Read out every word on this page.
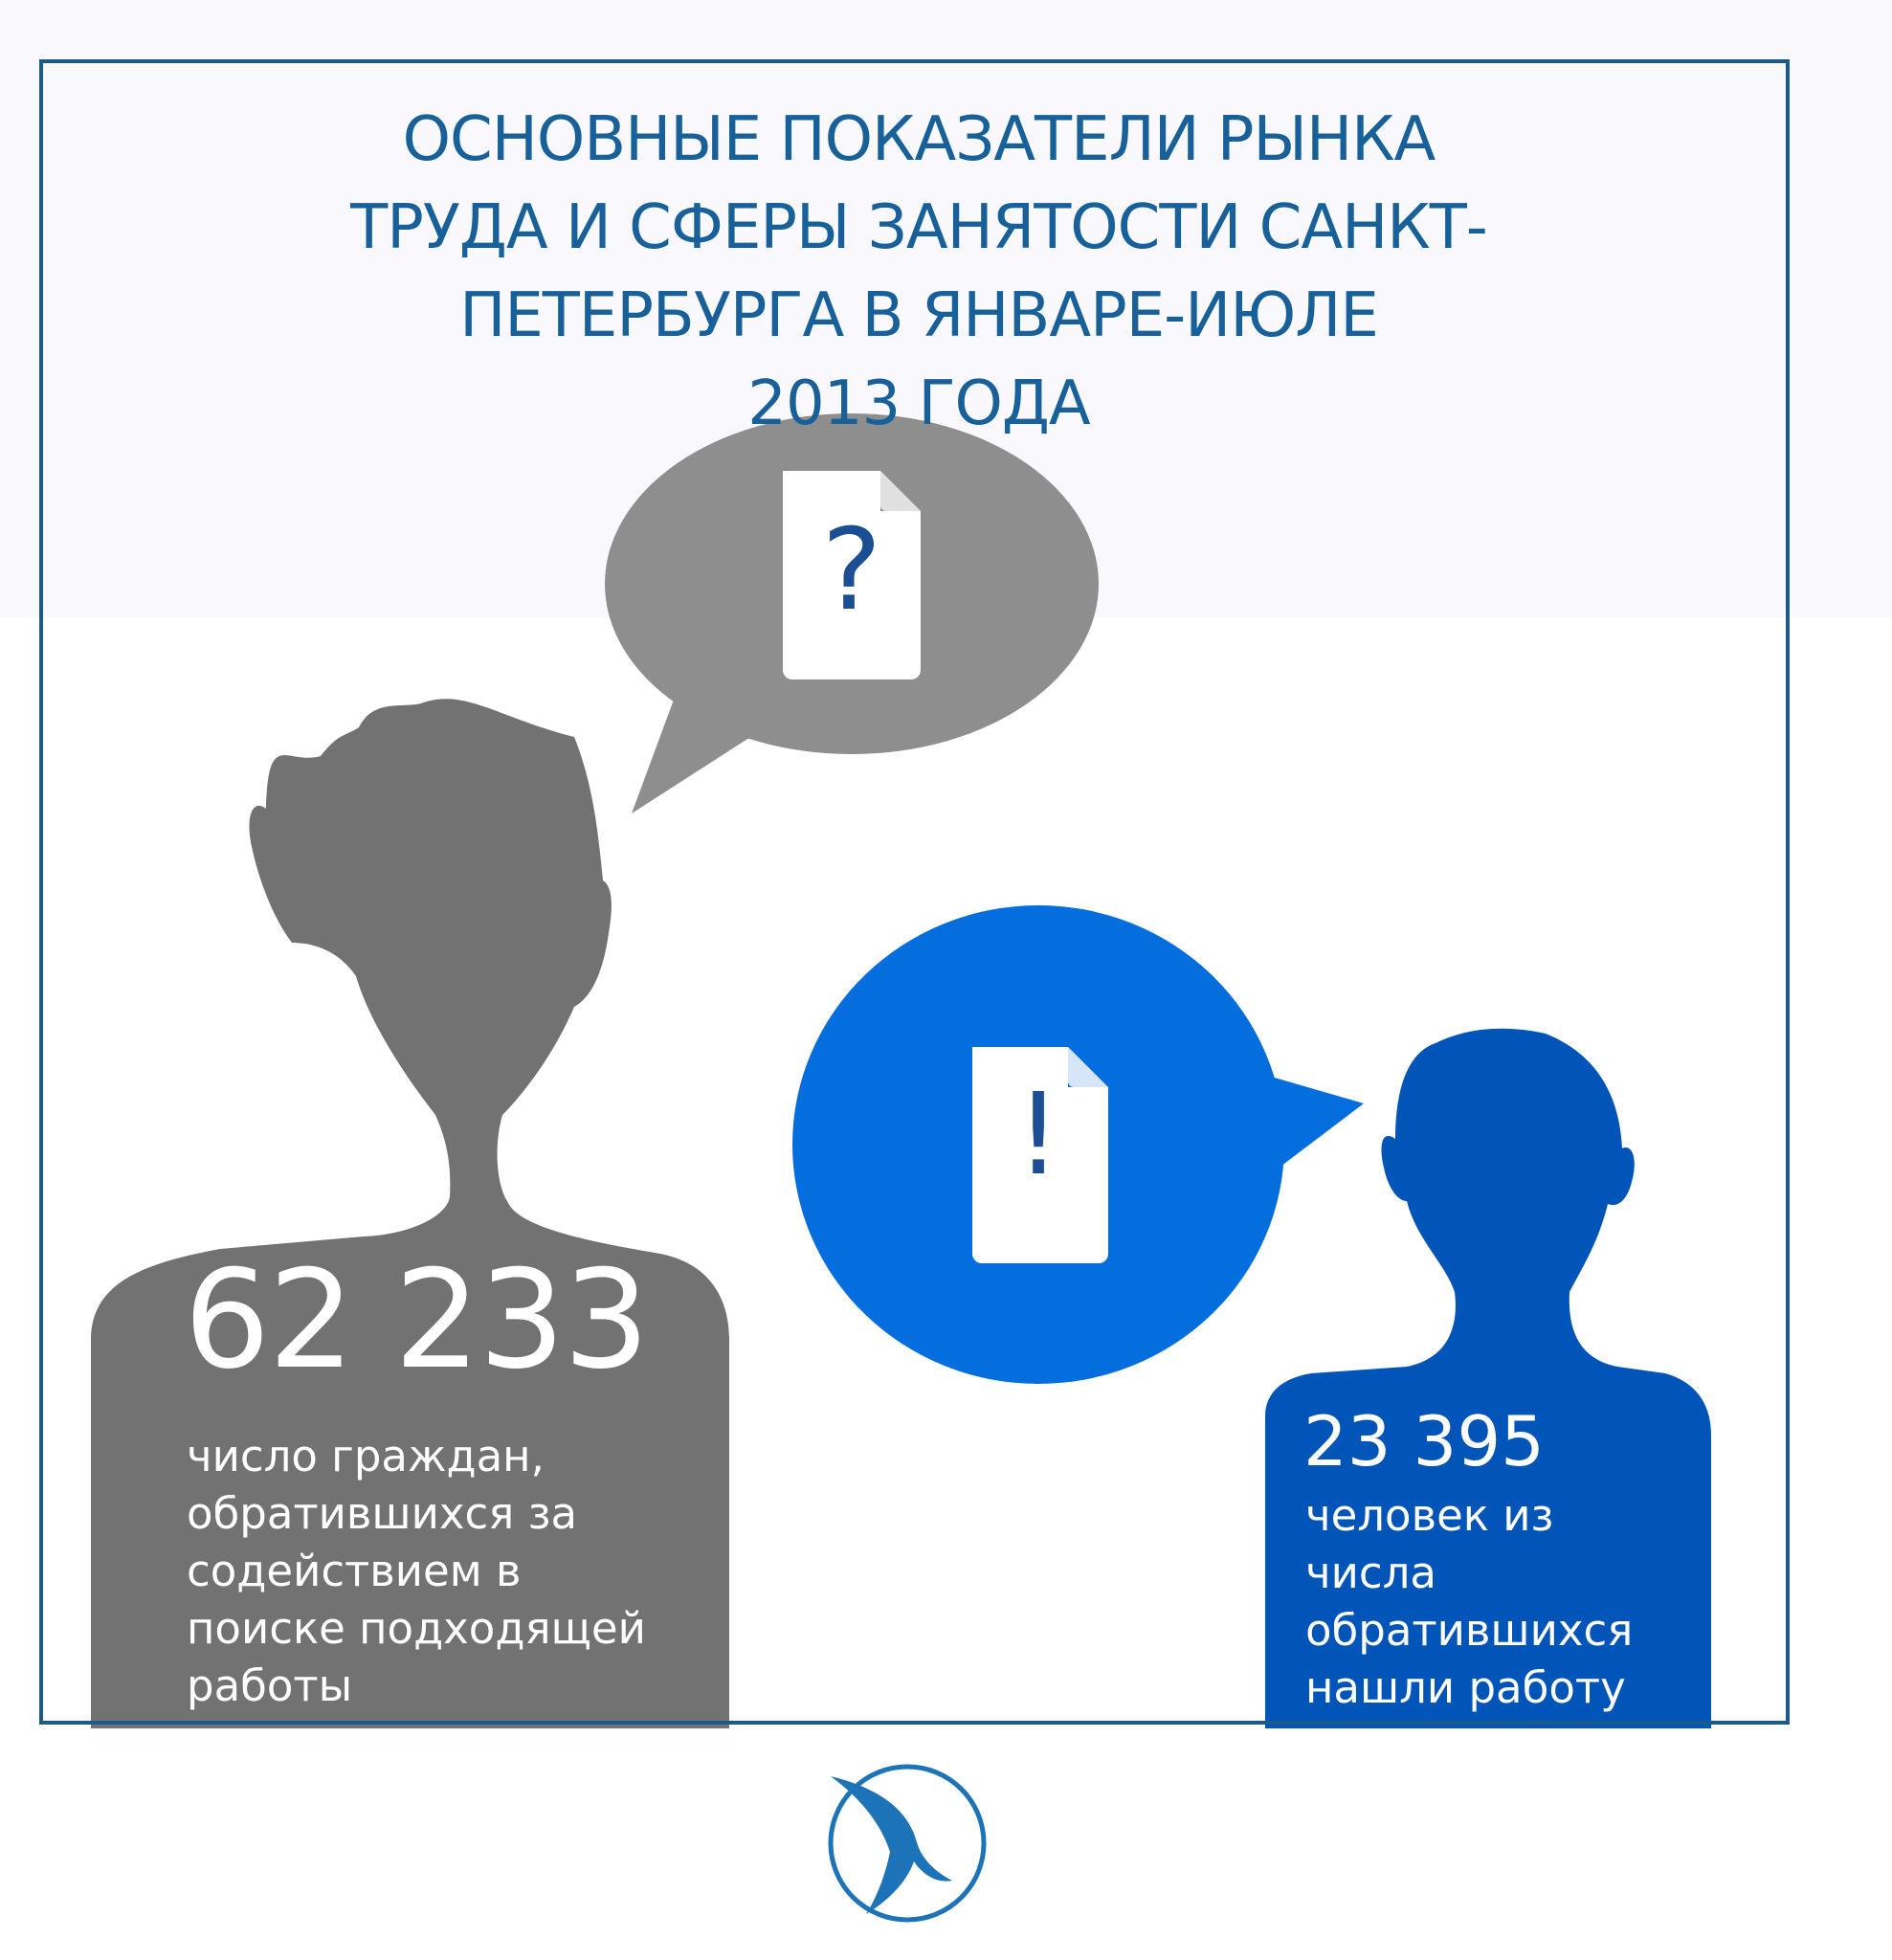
ОСНОВНЫЕ ПОКАЗАТЕЛИ РЫНКА
ТРУДА И СФЕРЫ ЗАНЯТОСТИ САНКТ-
ПЕТЕРБУРГА В ЯНВАРЕ-ИЮЛЕ
2013 ГОДА
?
!
62 233
число граждан,
обратившихся за
содействием в
поиске подходящей
работы
23 395
человек из
числа
обратившихся
нашли работу
